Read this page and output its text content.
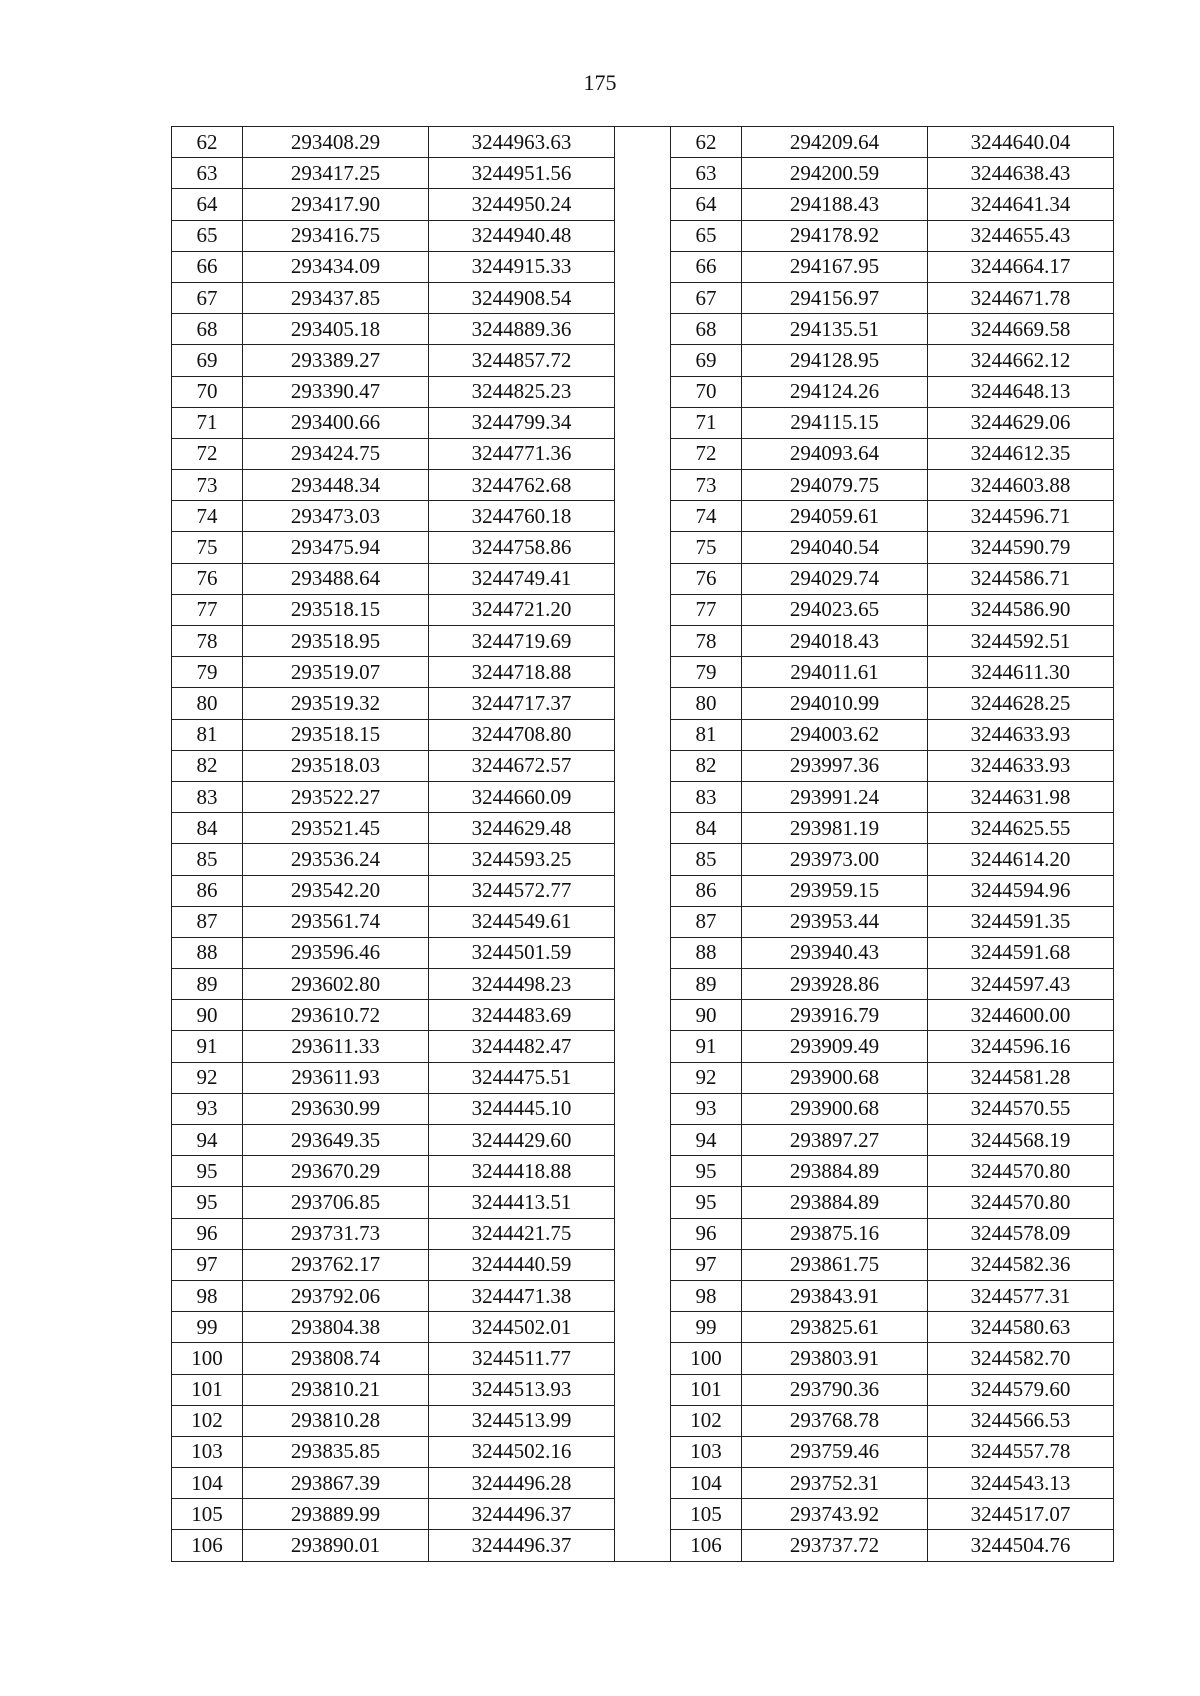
175
62	293408.29	3244963.63		62	294209.64	3244640.04
63	293417.25	3244951.56		63	294200.59	3244638.43
64	293417.90	3244950.24		64	294188.43	3244641.34
65	293416.75	3244940.48		65	294178.92	3244655.43
66	293434.09	3244915.33		66	294167.95	3244664.17
67	293437.85	3244908.54		67	294156.97	3244671.78
68	293405.18	3244889.36		68	294135.51	3244669.58
69	293389.27	3244857.72		69	294128.95	3244662.12
70	293390.47	3244825.23		70	294124.26	3244648.13
71	293400.66	3244799.34		71	294115.15	3244629.06
72	293424.75	3244771.36		72	294093.64	3244612.35
73	293448.34	3244762.68		73	294079.75	3244603.88
74	293473.03	3244760.18		74	294059.61	3244596.71
75	293475.94	3244758.86		75	294040.54	3244590.79
76	293488.64	3244749.41		76	294029.74	3244586.71
77	293518.15	3244721.20		77	294023.65	3244586.90
78	293518.95	3244719.69		78	294018.43	3244592.51
79	293519.07	3244718.88		79	294011.61	3244611.30
80	293519.32	3244717.37		80	294010.99	3244628.25
81	293518.15	3244708.80		81	294003.62	3244633.93
82	293518.03	3244672.57		82	293997.36	3244633.93
83	293522.27	3244660.09		83	293991.24	3244631.98
84	293521.45	3244629.48		84	293981.19	3244625.55
85	293536.24	3244593.25		85	293973.00	3244614.20
86	293542.20	3244572.77		86	293959.15	3244594.96
87	293561.74	3244549.61		87	293953.44	3244591.35
88	293596.46	3244501.59		88	293940.43	3244591.68
89	293602.80	3244498.23		89	293928.86	3244597.43
90	293610.72	3244483.69		90	293916.79	3244600.00
91	293611.33	3244482.47		91	293909.49	3244596.16
92	293611.93	3244475.51		92	293900.68	3244581.28
93	293630.99	3244445.10		93	293900.68	3244570.55
94	293649.35	3244429.60		94	293897.27	3244568.19
95	293670.29	3244418.88		95	293884.89	3244570.80
95	293706.85	3244413.51		95	293884.89	3244570.80
96	293731.73	3244421.75		96	293875.16	3244578.09
97	293762.17	3244440.59		97	293861.75	3244582.36
98	293792.06	3244471.38		98	293843.91	3244577.31
99	293804.38	3244502.01		99	293825.61	3244580.63
100	293808.74	3244511.77		100	293803.91	3244582.70
101	293810.21	3244513.93		101	293790.36	3244579.60
102	293810.28	3244513.99		102	293768.78	3244566.53
103	293835.85	3244502.16		103	293759.46	3244557.78
104	293867.39	3244496.28		104	293752.31	3244543.13
105	293889.99	3244496.37		105	293743.92	3244517.07
106	293890.01	3244496.37		106	293737.72	3244504.76
